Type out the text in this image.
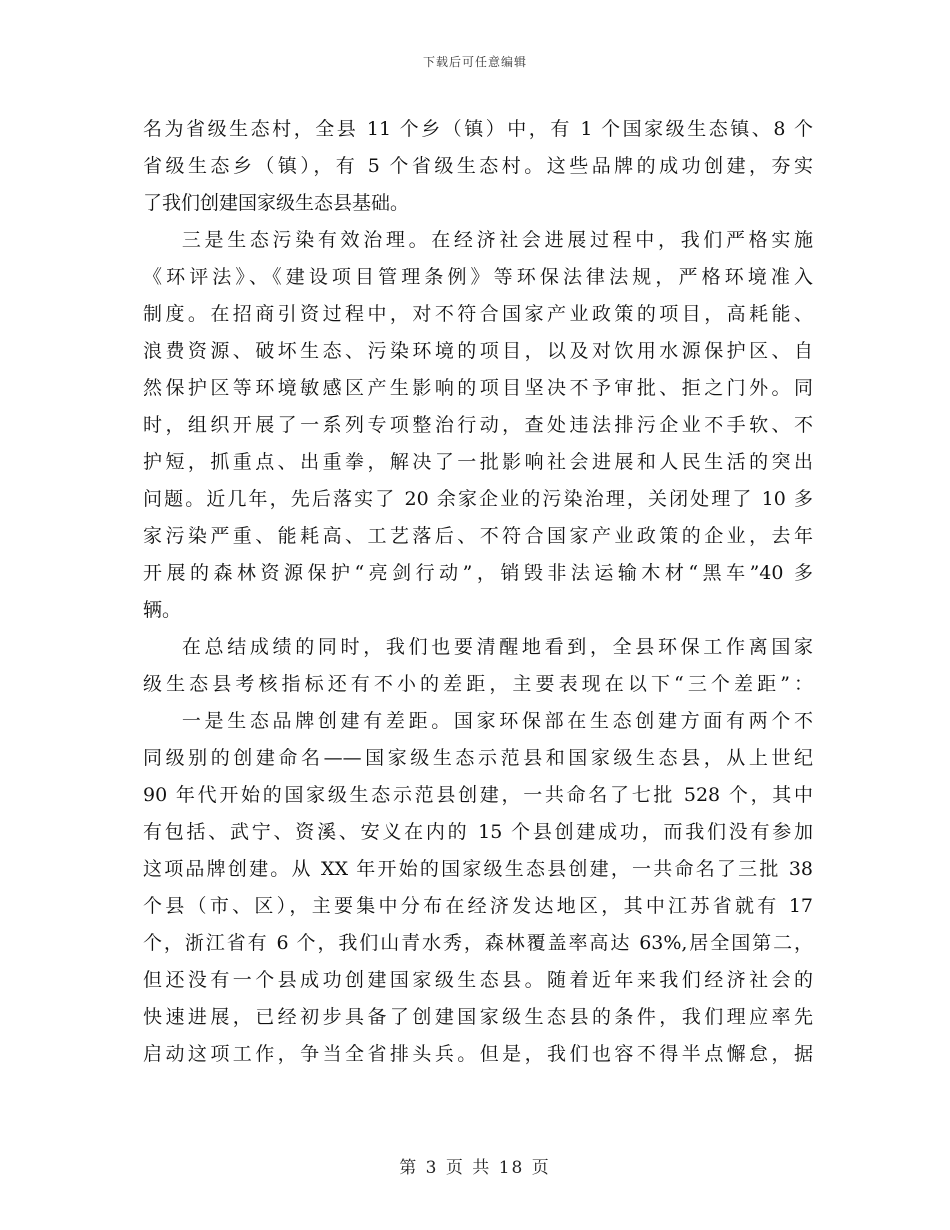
下载后可任意编辑
名为省级生态村，全县 11 个乡（镇）中，有 1 个国家级生态镇、8 个
省级生态乡（镇），有 5 个省级生态村。这些品牌的成功创建，夯实
了我们创建国家级生态县基础。
三是生态污染有效治理。在经济社会进展过程中，我们严格实施
《环评法》、《建设项目管理条例》等环保法律法规，严格环境准入
制度。在招商引资过程中，对不符合国家产业政策的项目，高耗能、
浪费资源、破坏生态、污染环境的项目，以及对饮用水源保护区、自
然保护区等环境敏感区产生影响的项目坚决不予审批、拒之门外。同
时，组织开展了一系列专项整治行动，查处违法排污企业不手软、不
护短，抓重点、出重拳，解决了一批影响社会进展和人民生活的突出
问题。近几年，先后落实了 20 余家企业的污染治理，关闭处理了 10 多
家污染严重、能耗高、工艺落后、不符合国家产业政策的企业，去年
开展的森林资源保护“亮剑行动”，销毁非法运输木材“黑车”40 多
辆。
在总结成绩的同时，我们也要清醒地看到，全县环保工作离国家
级生态县考核指标还有不小的差距，主要表现在以下“三个差距”：
一是生态品牌创建有差距。国家环保部在生态创建方面有两个不
同级别的创建命名——国家级生态示范县和国家级生态县，从上世纪
90 年代开始的国家级生态示范县创建，一共命名了七批 528 个，其中
有包括、武宁、资溪、安义在内的 15 个县创建成功，而我们没有参加
这项品牌创建。从 XX 年开始的国家级生态县创建，一共命名了三批 38
个县（市、区），主要集中分布在经济发达地区，其中江苏省就有 17
个，浙江省有 6 个，我们山青水秀，森林覆盖率高达 63%,居全国第二，
但还没有一个县成功创建国家级生态县。随着近年来我们经济社会的
快速进展，已经初步具备了创建国家级生态县的条件，我们理应率先
启动这项工作，争当全省排头兵。但是，我们也容不得半点懈怠，据
第 3 页 共 18 页
